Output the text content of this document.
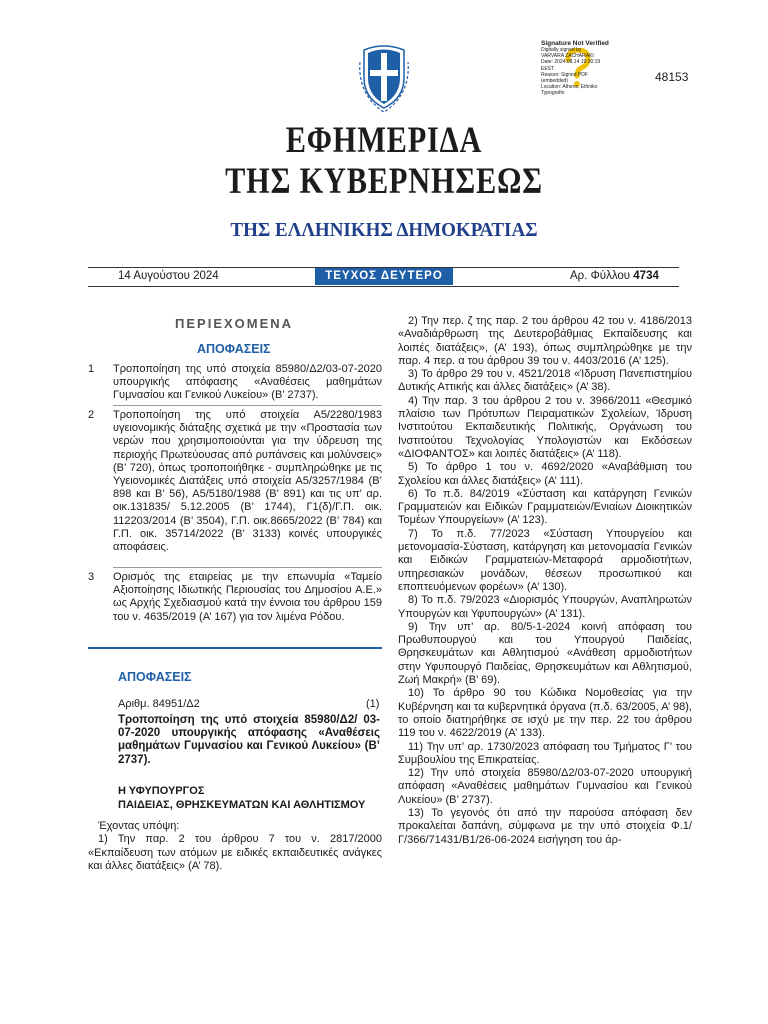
Signature Not Verified
Digitally signed by
VARVARA ZACHARAKI
Date: 2024.08.14 19:30:19
EEST
Reason: Signed PDF
(embedded)
Location: Athens, Ethniko
Typografio
48153
ΕΦΗΜΕΡΙΔΑ
ΤΗΣ ΚΥΒΕΡΝΗΣΕΩΣ
ΤΗΣ ΕΛΛΗΝΙΚΗΣ ΔΗΜΟΚΡΑΤΙΑΣ
14 Αυγούστου 2024	ΤΕΥΧΟΣ ΔΕΥΤΕΡΟ	Αρ. Φύλλου 4734
ΠΕΡΙΕΧΟΜΕΝΑ
ΑΠΟΦΑΣΕΙΣ
1	Τροποποίηση της υπό στοιχεία 85980/Δ2/03-07-2020 υπουργικής απόφασης «Αναθέσεις μαθημάτων Γυμνασίου και Γενικού Λυκείου» (Β’ 2737).
2	Τροποποίηση της υπό στοιχεία Α5/2280/1983 υγειονομικής διάταξης σχετικά με την «Προστασία των νερών που χρησιμοποιούνται για την ύδρευση της περιοχής Πρωτεύουσας από ρυπάνσεις και μολύνσεις» (Β’ 720), όπως τροποποιήθηκε - συμπληρώθηκε με τις Υγειονομικές Διατάξεις υπό στοιχεία Α5/3257/1984 (Β’ 898 και Β’ 56), Α5/5180/1988 (Β’ 891) και τις υπ’ αρ. οικ.131835/ 5.12.2005 (Β’ 1744), Γ1(δ)/Γ.Π. οικ. 112203/2014 (Β’ 3504), Γ.Π. οικ.8665/2022 (Β’ 784) και Γ.Π. οικ. 35714/2022 (Β’ 3133) κοινές υπουργικές αποφάσεις.
3	Ορισμός της εταιρείας με την επωνυμία «Ταμείο Αξιοποίησης Ιδιωτικής Περιουσίας του Δημοσίου Α.Ε.» ως Αρχής Σχεδιασμού κατά την έννοια του άρθρου 159 του ν. 4635/2019 (Α’ 167) για τον λιμένα Ρόδου.
ΑΠΟΦΑΣΕΙΣ
Αριθμ. 84951/Δ2	(1)
Τροποποίηση της υπό στοιχεία 85980/Δ2/ 03-07-2020 υπουργικής απόφασης «Αναθέσεις μαθημάτων Γυμνασίου και Γενικού Λυκείου» (Β’ 2737).
Η ΥΦΥΠΟΥΡΓΟΣ
ΠΑΙΔΕΙΑΣ, ΘΡΗΣΚΕΥΜΑΤΩΝ ΚΑΙ ΑΘΛΗΤΙΣΜΟΥ

Έχοντας υπόψη:

1) Την παρ. 2 του άρθρου 7 του ν. 2817/2000 «Εκπαίδευση των ατόμων με ειδικές εκπαιδευτικές ανάγκες και άλλες διατάξεις» (Α’ 78).

2) Την περ. ζ της παρ. 2 του άρθρου 42 του ν. 4186/2013 «Αναδιάρθρωση της Δευτεροβάθμιας Εκπαίδευσης και λοιπές διατάξεις», (Α’ 193), όπως συμπληρώθηκε με την παρ. 4 περ. α του άρθρου 39 του ν. 4403/2016 (Α’ 125).

3) Το άρθρο 29 του ν. 4521/2018 «Ίδρυση Πανεπιστημίου Δυτικής Αττικής και άλλες διατάξεις» (Α’ 38).

4) Την παρ. 3 του άρθρου 2 του ν. 3966/2011 «Θεσμικό πλαίσιο των Πρότυπων Πειραματικών Σχολείων, Ίδρυση Ινστιτούτου Εκπαιδευτικής Πολιτικής, Οργάνωση του Ινστιτούτου Τεχνολογίας Υπολογιστών και Εκδόσεων «ΔΙΟΦΑΝΤΟΣ» και λοιπές διατάξεις» (Α’ 118).

5) Το άρθρο 1 του ν. 4692/2020 «Αναβάθμιση του Σχολείου και άλλες διατάξεις» (Α’ 111).

6) Το π.δ. 84/2019 «Σύσταση και κατάργηση Γενικών Γραμματειών και Ειδικών Γραμματειών/Ενιαίων Διοικητικών Τομέων Υπουργείων» (Α’ 123).

7) Το π.δ. 77/2023 «Σύσταση Υπουργείου και μετονομασία-Σύσταση, κατάργηση και μετονομασία Γενικών και Ειδικών Γραμματειών-Μεταφορά αρμοδιοτήτων, υπηρεσιακών μονάδων, θέσεων προσωπικού και εποπτευόμενων φορέων» (Α’ 130).

8) Το π.δ. 79/2023 «Διορισμός Υπουργών, Αναπληρωτών Υπουργών και Υφυπουργών» (Α’ 131).

9) Την υπ’ αρ. 80/5-1-2024 κοινή απόφαση του Πρωθυπουργού και του Υπουργού Παιδείας, Θρησκευμάτων και Αθλητισμού «Ανάθεση αρμοδιοτήτων στην Υφυπουργό Παιδείας, Θρησκευμάτων και Αθλητισμού, Ζωή Μακρή» (Β’ 69).

10) Το άρθρο 90 του Κώδικα Νομοθεσίας για την Κυβέρνηση και τα κυβερνητικά όργανα (π.δ. 63/2005, Α’ 98), το οποίο διατηρήθηκε σε ισχύ με την περ. 22 του άρθρου 119 του ν. 4622/2019 (Α’ 133).

11) Την υπ’ αρ. 1730/2023 απόφαση του Τμήματος Γ’ του Συμβουλίου της Επικρατείας.

12) Την υπό στοιχεία 85980/Δ2/03-07-2020 υπουργική απόφαση «Αναθέσεις μαθημάτων Γυμνασίου και Γενικού Λυκείου» (Β’ 2737).

13) Το γεγονός ότι από την παρούσα απόφαση δεν προκαλείται δαπάνη, σύμφωνα με την υπό στοιχεία Φ.1/Γ/366/71431/Β1/26-06-2024 εισήγηση του άρ-
